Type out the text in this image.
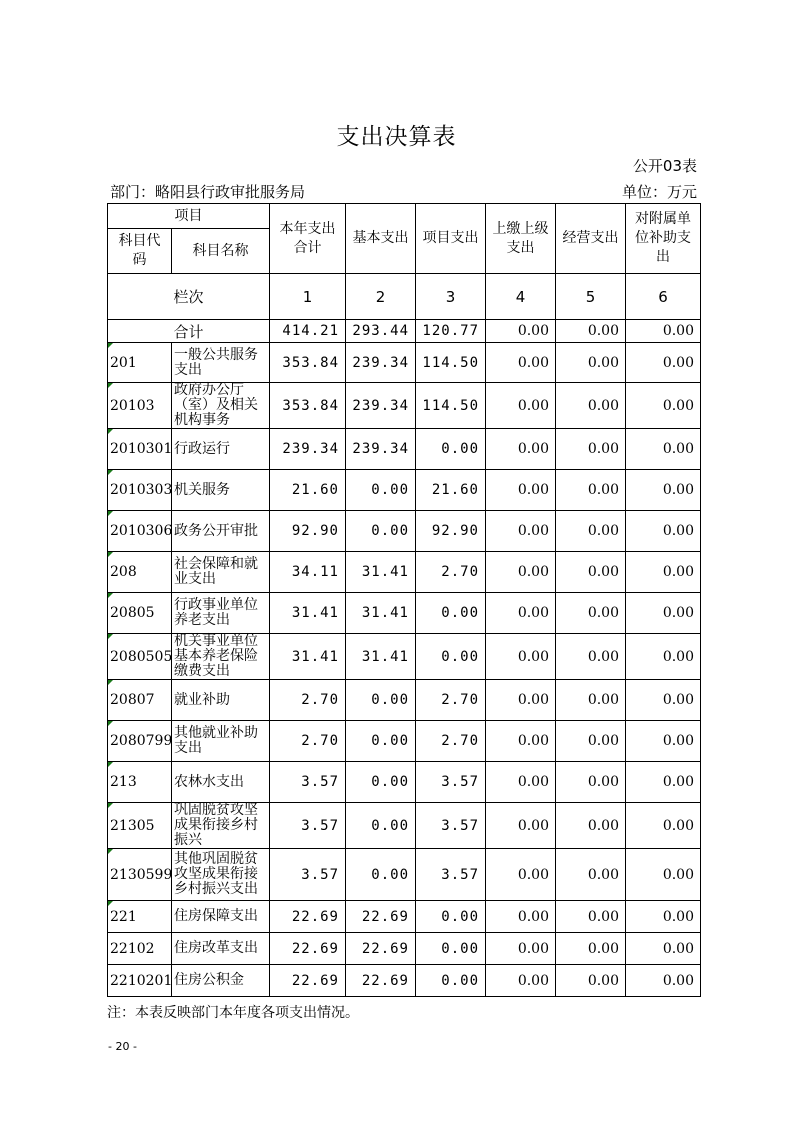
支出决算表
公开03表
部门：略阳县行政审批服务局	单位：万元
项目		本年支出合计	基本支出	项目支出	上缴上级支出	经营支出	对附属单位补助支出

科目代码	科目名称						
栏次		1	2	3	4	5	6
合计		414.21	293.44	120.77	0.00	0.00	0.00
201	一般公共服务支出	353.84	239.34	114.50	0.00	0.00	0.00
20103	政府办公厅（室）及相关机构事务	353.84	239.34	114.50	0.00	0.00	0.00
2010301	行政运行	239.34	239.34	0.00	0.00	0.00	0.00
2010303	机关服务	21.60	0.00	21.60	0.00	0.00	0.00
2010306	政务公开审批	92.90	0.00	92.90	0.00	0.00	0.00
208	社会保障和就业支出	34.11	31.41	2.70	0.00	0.00	0.00
20805	行政事业单位养老支出	31.41	31.41	0.00	0.00	0.00	0.00
2080505	机关事业单位基本养老保险缴费支出	31.41	31.41	0.00	0.00	0.00	0.00
20807	就业补助	2.70	0.00	2.70	0.00	0.00	0.00
2080799	其他就业补助支出	2.70	0.00	2.70	0.00	0.00	0.00
213	农林水支出	3.57	0.00	3.57	0.00	0.00	0.00
21305	巩固脱贫攻坚成果衔接乡村振兴	3.57	0.00	3.57	0.00	0.00	0.00
2130599	其他巩固脱贫攻坚成果衔接乡村振兴支出	3.57	0.00	3.57	0.00	0.00	0.00
221	住房保障支出	22.69	22.69	0.00	0.00	0.00	0.00
22102	住房改革支出	22.69	22.69	0.00	0.00	0.00	0.00
2210201	住房公积金	22.69	22.69	0.00	0.00	0.00	0.00
注：本表反映部门本年度各项支出情况。
- 20 -
